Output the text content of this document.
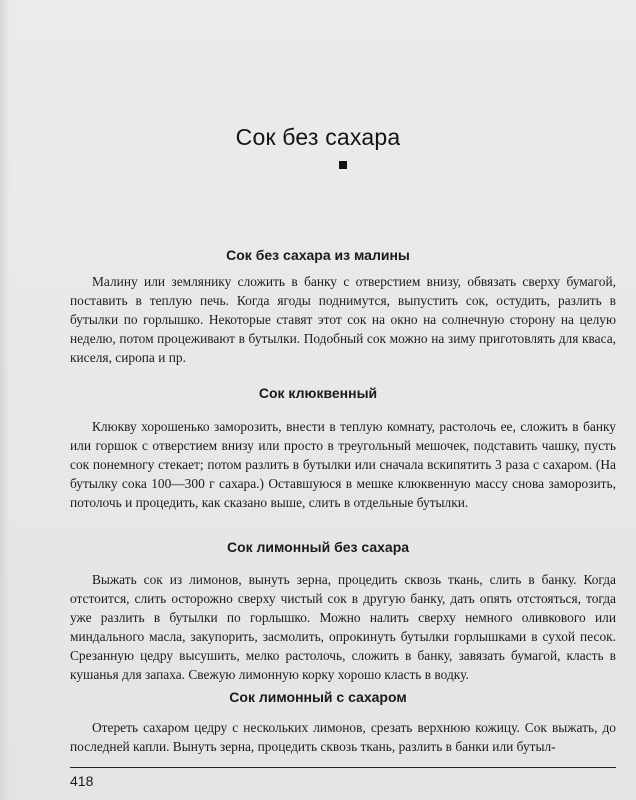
Сок без сахара
Сок без сахара из малины

Малину или землянику сложить в банку с отверстием внизу, обвязать сверху бумагой, поставить в теплую печь. Когда ягоды поднимутся, выпустить сок, остудить, разлить в бутылки по горлышко. Некоторые ставят этот сок на окно на солнечную сторону на целую неделю, потом процеживают в бутылки. Подобный сок можно на зиму приготовлять для кваса, киселя, сиропа и пр.

Сок клюквенный

Клюкву хорошенько заморозить, внести в теплую комнату, растолочь ее, сложить в банку или горшок с отверстием внизу или просто в треугольный мешочек, подставить чашку, пусть сок понемногу стекает; потом разлить в бутылки или сначала вскипятить 3 раза с сахаром. (На бутылку сока 100—300 г сахара.) Оставшуюся в мешке клюквенную массу снова заморозить, потолочь и процедить, как сказано выше, слить в отдельные бутылки.

Сок лимонный без сахара

Выжать сок из лимонов, вынуть зерна, процедить сквозь ткань, слить в банку. Когда отстоится, слить осторожно сверху чистый сок в другую банку, дать опять отстояться, тогда уже разлить в бутылки по горлышко. Можно налить сверху немного оливкового или миндального масла, закупорить, засмолить, опрокинуть бутылки горлышками в сухой песок. Срезанную цедру высушить, мелко растолочь, сложить в банку, завязать бумагой, класть в кушанья для запаха. Свежую лимонную корку хорошо класть в водку.

Сок лимонный с сахаром

Отереть сахаром цедру с нескольких лимонов, срезать верхнюю кожицу. Сок выжать, до последней капли. Вынуть зерна, процедить сквозь ткань, разлить в банки или бутыл-

418
